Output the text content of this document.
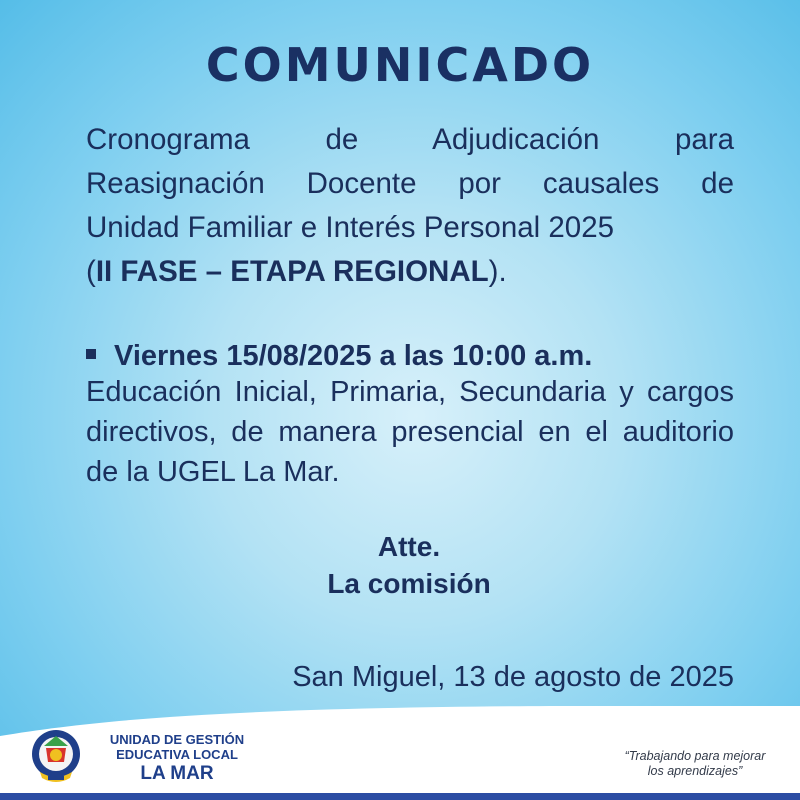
COMUNICADO
Cronograma de Adjudicación para
Reasignación Docente por causales de
Unidad Familiar e Interés Personal 2025
(II FASE – ETAPA REGIONAL).
Viernes 15/08/2025 a las 10:00 a.m.
Educación Inicial, Primaria, Secundaria y cargos
directivos, de manera presencial en el auditorio
de la UGEL La Mar.
Atte.
La comisión
San Miguel, 13 de agosto de 2025
UNIDAD DE GESTIÓN
EDUCATIVA LOCAL
LA MAR
“Trabajando para mejorar
los aprendizajes”
